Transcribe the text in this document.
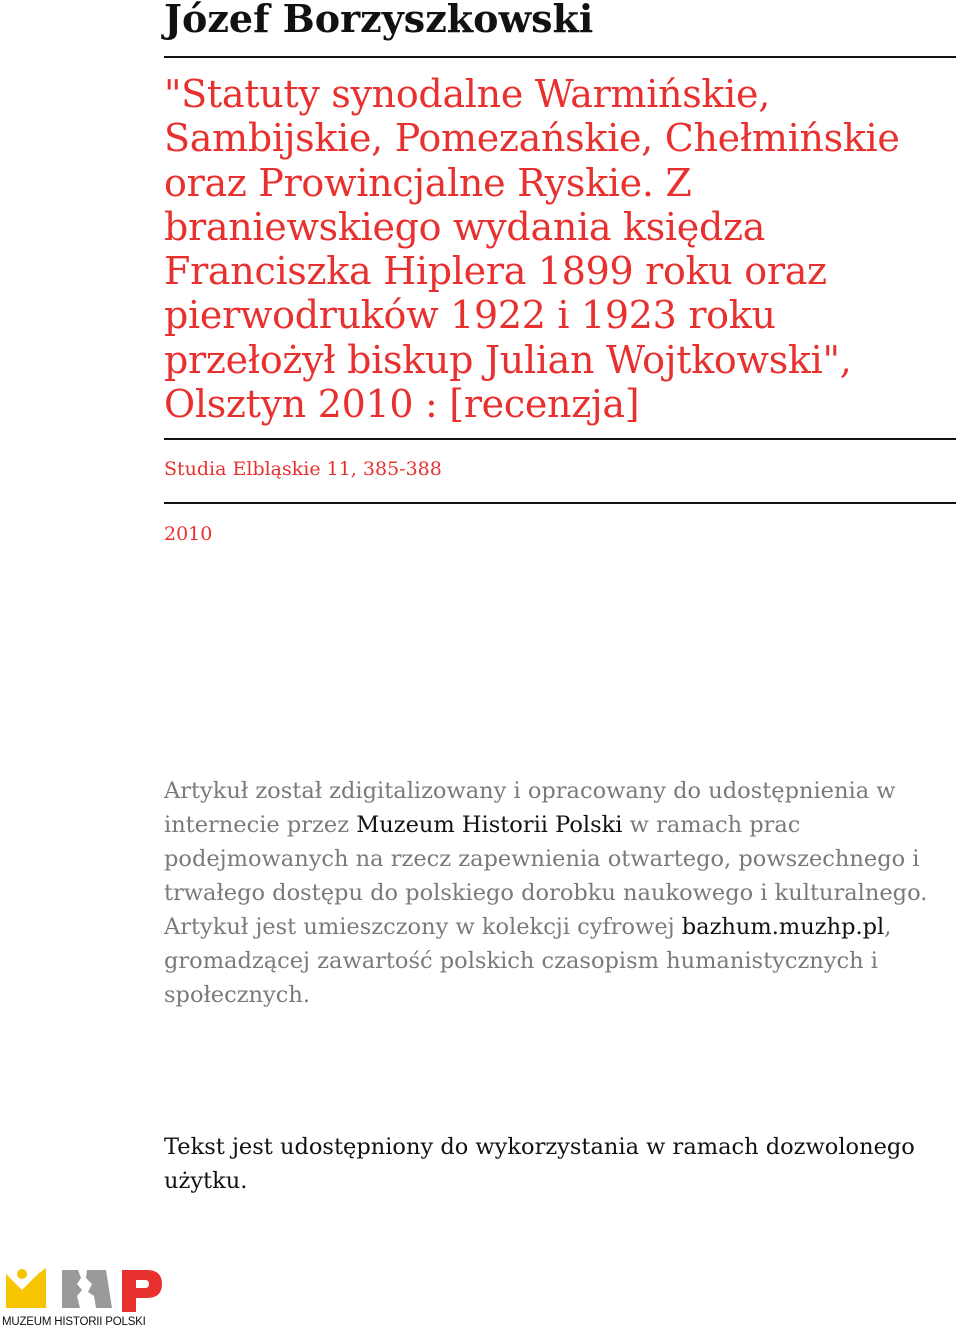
Józef Borzyszkowski
"Statuty synodalne Warmińskie, Sambijskie, Pomezańskie, Chełmińskie oraz Prowincjalne Ryskie. Z braniewskiego wydania księdza Franciszka Hiplera 1899 roku oraz pierwodruków 1922 i 1923 roku przełożył biskup Julian Wojtkowski", Olsztyn 2010 : [recenzja]

Studia Elbląskie 11, 385-388

2010

Artykuł został zdigitalizowany i opracowany do udostępnienia w internecie przez Muzeum Historii Polski w ramach prac podejmowanych na rzecz zapewnienia otwartego, powszechnego i trwałego dostępu do polskiego dorobku naukowego i kulturalnego. Artykuł jest umieszczony w kolekcji cyfrowej bazhum.muzhp.pl, gromadzącej zawartość polskich czasopism humanistycznych i społecznych.

Tekst jest udostępniony do wykorzystania w ramach dozwolonego użytku.

MUZEUM HISTORII POLSKI
